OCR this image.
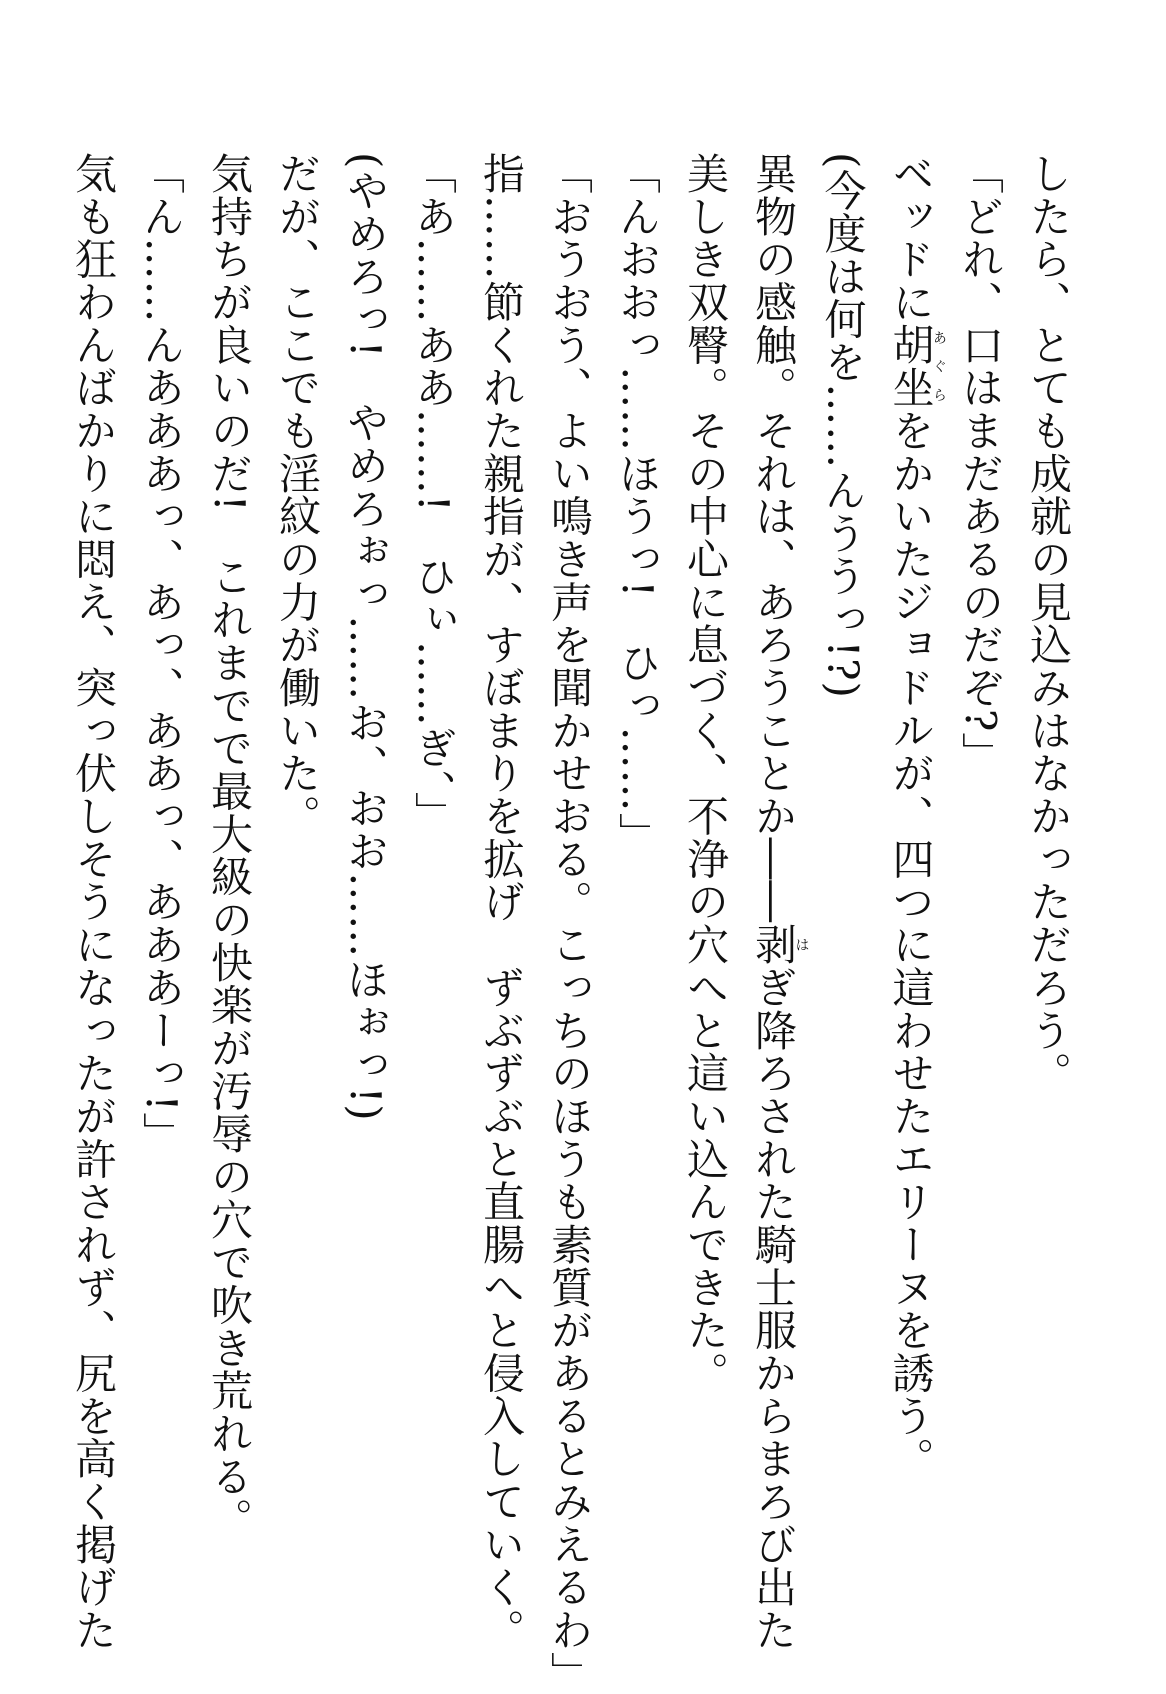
したら、とても成就の見込みはなかっただろう。
「どれ、口はまだあるのだぞ?」
ベッドに胡坐あぐらをかいたジョドルが、四つに這わせたエリーヌを誘う。
(今度は何を……んううっ!?)
異物の感触。それは、あろうことか――剥はぎ降ろされた騎士服からまろび出た
美しき双臀。その中心に息づく、不浄の穴へと這い込んできた。
「んおおっ……ほうっ!　ひっ……」
「おうおう、よい鳴き声を聞かせおる。こっちのほうも素質があるとみえるわ」
指……節くれた親指が、すぼまりを拡げ　ずぶずぶと直腸へと侵入していく。
「あ……ああ……!　ひぃ……ぎ、」
(やめろっ!　やめろぉっ……お、おお……ほぉっ!)
だが、ここでも淫紋の力が働いた。
気持ちが良いのだ!　これまでで最大級の快楽が汚辱の穴で吹き荒れる。
「ん……んあああっ、あっ、ああっ、あああーっ!」
気も狂わんばかりに悶え、突っ伏しそうになったが許されず、尻を高く掲げた
